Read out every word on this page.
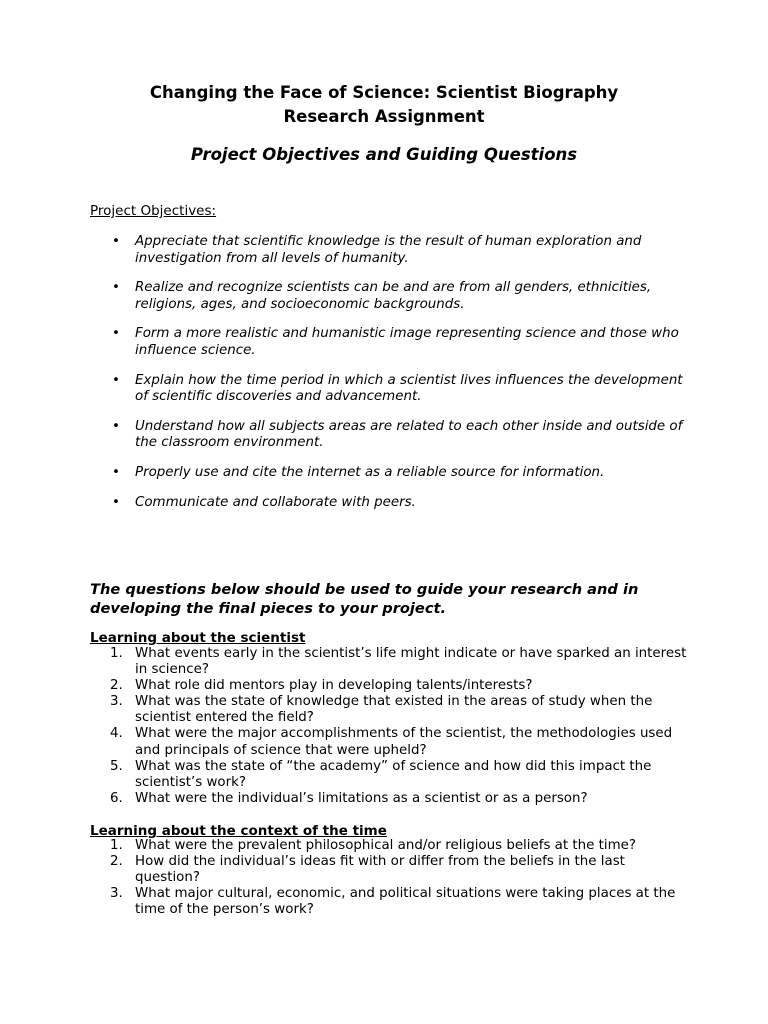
Changing the Face of Science: Scientist Biography
Research Assignment
Project Objectives and Guiding Questions
Project Objectives:
• Appreciate that scientific knowledge is the result of human exploration and investigation from all levels of humanity.
• Realize and recognize scientists can be and are from all genders, ethnicities, religions, ages, and socioeconomic backgrounds.
• Form a more realistic and humanistic image representing science and those who influence science.
• Explain how the time period in which a scientist lives influences the development of scientific discoveries and advancement.
• Understand how all subjects areas are related to each other inside and outside of the classroom environment.
• Properly use and cite the internet as a reliable source for information.
• Communicate and collaborate with peers.
The questions below should be used to guide your research and in developing the final pieces to your project.
Learning about the scientist
1. What events early in the scientist’s life might indicate or have sparked an interest in science?
2. What role did mentors play in developing talents/interests?
3. What was the state of knowledge that existed in the areas of study when the scientist entered the field?
4. What were the major accomplishments of the scientist, the methodologies used and principals of science that were upheld?
5. What was the state of “the academy” of science and how did this impact the scientist’s work?
6. What were the individual’s limitations as a scientist or as a person?
Learning about the context of the time
1. What were the prevalent philosophical and/or religious beliefs at the time?
2. How did the individual’s ideas fit with or differ from the beliefs in the last question?
3. What major cultural, economic, and political situations were taking places at the time of the person’s work?
